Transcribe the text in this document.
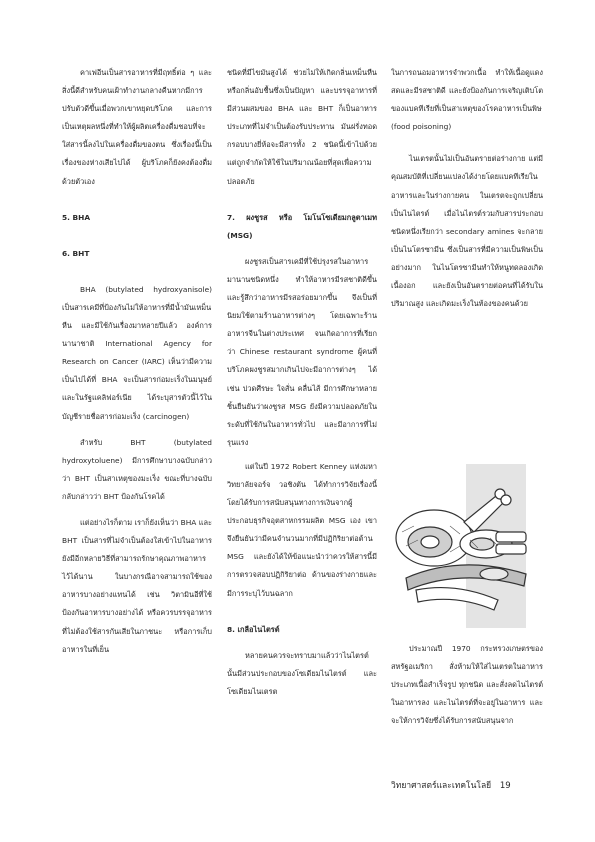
คาเฟอีนเป็นสารอาหารที่มีฤทธิ์ต่อ ๆ และสิ่งนี้ดีสำหรับคนเฝ้าทำงานกลางคืนหากมีการปรับตัวดีขึ้นเมื่อพวกเขาหยุดบริโภค และการเป็นเหตุผลหนึ่งที่ทำให้ผู้ผลิตเครื่องดื่มชอบที่จะใส่สารนี้ลงไปในเครื่องดื่มของตน ซึ่งเรื่องนี้เป็นเรื่องของห่างเสียไปได้ ผู้บริโภคก็ยังคงต้องดื่มด้วยตัวเอง

5. BHA

6. BHT

BHA (butylated hydroxyanisole) เป็นสารเคมีที่ป้องกันไม่ให้อาหารที่มีน้ำมันเหม็นหืน และมีใช้กันเรื่องมาหลายปีแล้ว องค์การนานาชาติ International Agency for Research on Cancer (IARC) เห็นว่ามีความเป็นไปได้ที่ BHA จะเป็นสารก่อมะเร็งในมนุษย์ และในรัฐแคลิฟอร์เนีย ได้ระบุสารตัวนี้ไว้ในบัญชีรายชื่อสารก่อมะเร็ง (carcinogen)

สำหรับ BHT (butylated hydroxytoluene) มีการศึกษาบางฉบับกล่าวว่า BHT เป็นสาเหตุของมะเร็ง ขณะที่บางฉบับกลับกล่าวว่า BHT ป้องกันโรคได้

แต่อย่างไรก็ตาม เราก็ยังเห็นว่า BHA และ BHT เป็นสารที่ไม่จำเป็นต้องใส่เข้าไปในอาหาร ยังมีอีกหลายวิธีที่สามารถรักษาคุณภาพอาหารไว้ได้นาน ในบางกรณีอาจสามารถใช้ของอาหารบางอย่างแทนได้ เช่น วิตามินอีที่ใช้ป้องกันอาหารบางอย่างได้ หรือควรบรรจุอาหารที่ไม่ต้องใช้สารกันเสียในภาชนะ หรือการเก็บอาหารในที่เย็น

ชนิดที่มีไขมันสูงได้ ช่วยไม่ให้เกิดกลิ่นเหม็นหืน หรือกลิ่นอับชื้นซึ่งเป็นปัญหา และบรรจุอาหารที่มีส่วนผสมของ BHA และ BHT ก็เป็นอาหารประเภทที่ไม่จำเป็นต้องรับประทาน มันฝรั่งทอดกรอบบางยี่ห้อจะมีสารทั้ง 2 ชนิดนี้เข้าไปด้วย แต่ถูกจำกัดให้ใช้ในปริมาณน้อยที่สุดเพื่อความปลอดภัย

7. ผงชูรส หรือ โมโนโซเดียมกลูตาเมท (MSG)

ผงชูรสเป็นสารเคมีที่ใช้ปรุงรสในอาหารมานานชนิดหนึ่ง ทำให้อาหารมีรสชาติดีขึ้น และรู้สึกว่าอาหารมีรสอร่อยมากขึ้น จึงเป็นที่นิยมใช้ตามร้านอาหารต่างๆ โดยเฉพาะร้านอาหารจีนในต่างประเทศ จนเกิดอาการที่เรียกว่า Chinese restaurant syndrome ผู้คนที่บริโภคผงชูรสมากเกินไปจะมีอาการต่างๆ ได้ เช่น ปวดศีรษะ ใจสั่น คลื่นไส้ มีการศึกษาหลายชิ้นยืนยันว่าผงชูรส MSG ยังมีความปลอดภัยในระดับที่ใช้กันในอาหารทั่วไป และมีอาการที่ไม่รุนแรง

แต่ในปี 1972 Robert Kenney แห่งมหาวิทยาลัยจอร์จ วอชิงตัน ได้ทำการวิจัยเรื่องนี้โดยได้รับการสนับสนุนทางการเงินจากผู้ประกอบธุรกิจอุตสาหกรรมผลิต MSG เอง เขาจึงยืนยันว่ามีคนจำนวนมากที่มีปฏิกิริยาต่อต้าน MSG และยังได้ให้ข้อแนะนำว่าควรให้สารนี้มีการตรวจสอบปฏิกิริยาต่อ ด้านของร่างกายและมีการระบุไว้บนฉลาก

8. เกลือไนไตรต์

หลายคนควรจะทราบมาแล้วว่าไนไตรต์นั้นมีส่วนประกอบของโซเดียมไนไตรต์ และโซเดียมไนเตรต

ในการถนอมอาหารจำพวกเนื้อ ทำให้เนื้อดูแดงสดและมีรสชาติดี และยังป้องกันการเจริญเติบโตของแบคทีเรียที่เป็นสาเหตุของโรคอาหารเป็นพิษ (food poisoning)

ไนเตรตนั้นไม่เป็นอันตรายต่อร่างกาย แต่มีคุณสมบัติที่เปลี่ยนแปลงได้ง่ายโดยแบคทีเรียในอาหารและในร่างกายคน ในเตรตจะถูกเปลี่ยนเป็นไนไตรต์ เมื่อไนไตรต์รวมกับสารประกอบชนิดหนึ่งเรียกว่า secondary amines จะกลายเป็นไนโตรซามีน ซึ่งเป็นสารที่มีความเป็นพิษเป็นอย่างมาก ในไนโตรซามีนทำให้หนูทดลองเกิดเนื้องอก และยังเป็นอันตรายต่อคนที่ได้รับในปริมาณสูง และเกิดมะเร็งในท้องของคนด้วย

ประมาณปี 1970 กระทรวงเกษตรของสหรัฐอเมริกา สั่งห้ามให้ใส่ไนเตรตในอาหารประเภทเนื้อสำเร็จรูป ทุกชนิด และสั่งลดไนไตรต์ในอาหารลง และไนไตรต์ที่จะอยู่ในอาหาร และจะให้การวิจัยซึ่งได้รับการสนับสนุนจาก

วิทยาศาสตร์และเทคโนโลยี 19
